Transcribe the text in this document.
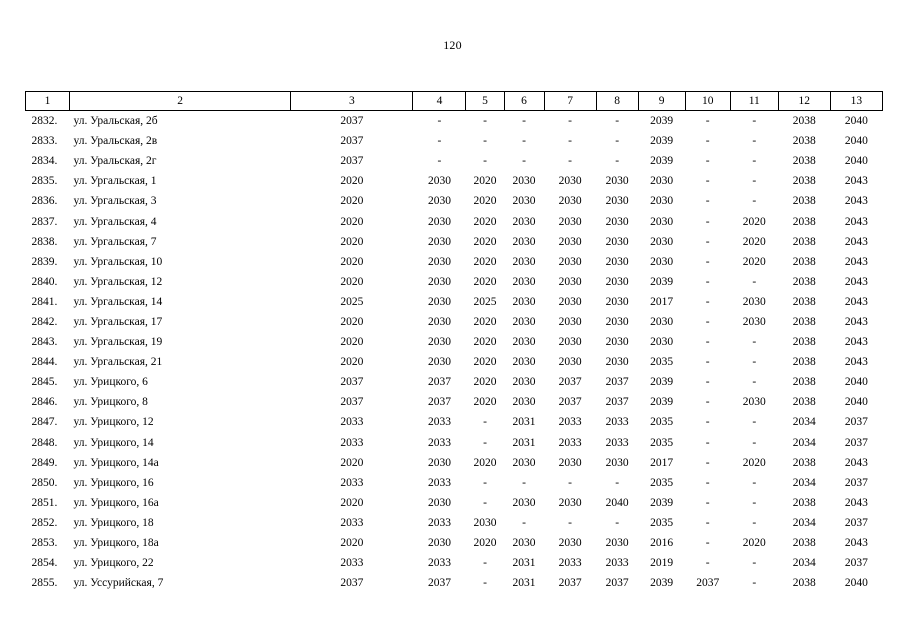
120
1	2	3	4	5	6	7	8	9	10	11	12	13
2832.	ул. Уральская, 2б	2037	-	-	-	-	-	2039	-	-	2038	2040
2833.	ул. Уральская, 2в	2037	-	-	-	-	-	2039	-	-	2038	2040
2834.	ул. Уральская, 2г	2037	-	-	-	-	-	2039	-	-	2038	2040
2835.	ул. Ургальская, 1	2020	2030	2020	2030	2030	2030	2030	-	-	2038	2043
2836.	ул. Ургальская, 3	2020	2030	2020	2030	2030	2030	2030	-	-	2038	2043
2837.	ул. Ургальская, 4	2020	2030	2020	2030	2030	2030	2030	-	2020	2038	2043
2838.	ул. Ургальская, 7	2020	2030	2020	2030	2030	2030	2030	-	2020	2038	2043
2839.	ул. Ургальская, 10	2020	2030	2020	2030	2030	2030	2030	-	2020	2038	2043
2840.	ул. Ургальская, 12	2020	2030	2020	2030	2030	2030	2039	-	-	2038	2043
2841.	ул. Ургальская, 14	2025	2030	2025	2030	2030	2030	2017	-	2030	2038	2043
2842.	ул. Ургальская, 17	2020	2030	2020	2030	2030	2030	2030	-	2030	2038	2043
2843.	ул. Ургальская, 19	2020	2030	2020	2030	2030	2030	2030	-	-	2038	2043
2844.	ул. Ургальская, 21	2020	2030	2020	2030	2030	2030	2035	-	-	2038	2043
2845.	ул. Урицкого, 6	2037	2037	2020	2030	2037	2037	2039	-	-	2038	2040
2846.	ул. Урицкого, 8	2037	2037	2020	2030	2037	2037	2039	-	2030	2038	2040
2847.	ул. Урицкого, 12	2033	2033	-	2031	2033	2033	2035	-	-	2034	2037
2848.	ул. Урицкого, 14	2033	2033	-	2031	2033	2033	2035	-	-	2034	2037
2849.	ул. Урицкого, 14а	2020	2030	2020	2030	2030	2030	2017	-	2020	2038	2043
2850.	ул. Урицкого, 16	2033	2033	-	-	-	-	2035	-	-	2034	2037
2851.	ул. Урицкого, 16а	2020	2030	-	2030	2030	2040	2039	-	-	2038	2043
2852.	ул. Урицкого, 18	2033	2033	2030	-	-	-	2035	-	-	2034	2037
2853.	ул. Урицкого, 18а	2020	2030	2020	2030	2030	2030	2016	-	2020	2038	2043
2854.	ул. Урицкого, 22	2033	2033	-	2031	2033	2033	2019	-	-	2034	2037
2855.	ул. Уссурийская, 7	2037	2037	-	2031	2037	2037	2039	2037	-	2038	2040
